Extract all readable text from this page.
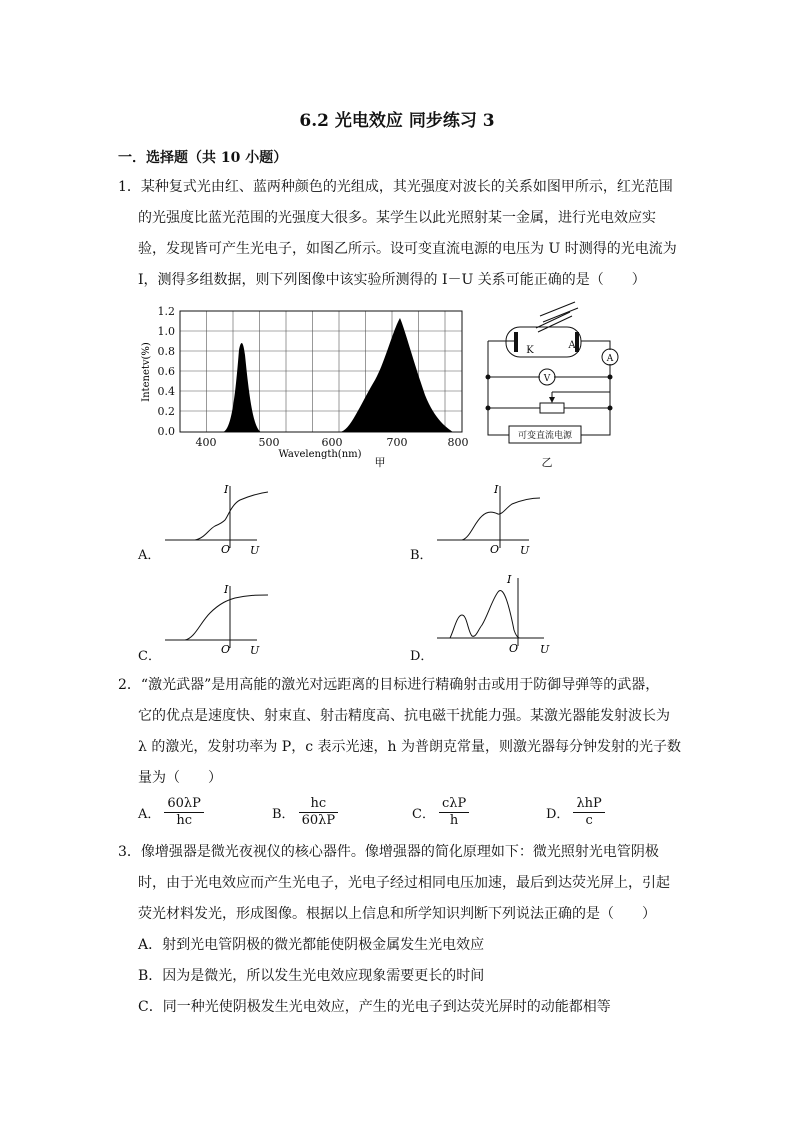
6.2 光电效应 同步练习 3
一．选择题（共 10 小题）
1．某种复式光由红、蓝两种颜色的光组成，其光强度对波长的关系如图甲所示，红光范围
的光强度比蓝光范围的光强度大很多。某学生以此光照射某一金属，进行光电效应实
验，发现皆可产生光电子，如图乙所示。设可变直流电源的电压为 U 时测得的光电流为
I，测得多组数据，则下列图像中该实验所测得的 I－U 关系可能正确的是（　　）
1.2
1.0
0.8
0.6
0.4
0.2
0.0
400	500	600	700	800
Wavelength(nm)
Intenetv(%)
甲
K	A
A
V
可变直流电源
乙
I
O U
A．
I
O U
B．
I
O U
C．
I
O U
D．
2．“激光武器”是用高能的激光对远距离的目标进行精确射击或用于防御导弹等的武器，
它的优点是速度快、射束直、射击精度高、抗电磁干扰能力强。某激光器能发射波长为
λ 的激光，发射功率为 P，c 表示光速，h 为普朗克常量，则激光器每分钟发射的光子数
量为（　　）
A． $\frac{60\lambda P}{hc}$	B． $\frac{hc}{60\lambda P}$	C． $\frac{\text{cλP}}{h}$	D． $\frac{\text{λhP}}{c}$
3．像增强器是微光夜视仪的核心器件。像增强器的简化原理如下：微光照射光电管阴极
时，由于光电效应而产生光电子，光电子经过相同电压加速，最后到达荧光屏上，引起
荧光材料发光，形成图像。根据以上信息和所学知识判断下列说法正确的是（　　）
A．射到光电管阴极的微光都能使阴极金属发生光电效应
B．因为是微光，所以发生光电效应现象需要更长的时间
C．同一种光使阴极发生光电效应，产生的光电子到达荧光屏时的动能都相等
